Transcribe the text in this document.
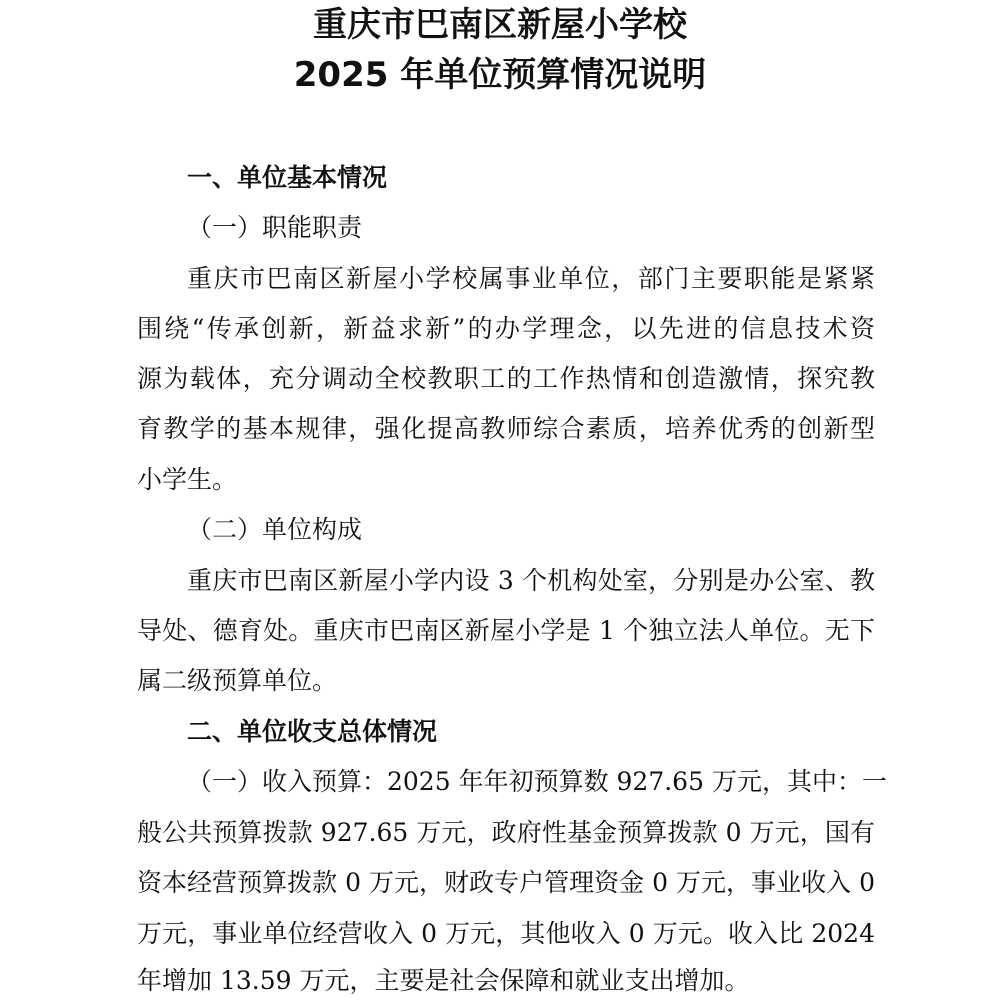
重庆市巴南区新屋小学校
2025 年单位预算情况说明

一、单位基本情况

（一）职能职责

重庆市巴南区新屋小学校属事业单位，部门主要职能是紧紧

围绕“传承创新，新益求新”的办学理念，以先进的信息技术资

源为载体，充分调动全校教职工的工作热情和创造激情，探究教

育教学的基本规律，强化提高教师综合素质，培养优秀的创新型

小学生。

（二）单位构成

重庆市巴南区新屋小学内设 3 个机构处室，分别是办公室、教

导处、德育处。重庆市巴南区新屋小学是 1 个独立法人单位。无下

属二级预算单位。

二、单位收支总体情况

（一）收入预算：2025 年年初预算数 927.65 万元，其中：一

般公共预算拨款 927.65 万元，政府性基金预算拨款 0 万元，国有

资本经营预算拨款 0 万元，财政专户管理资金 0 万元，事业收入 0

万元，事业单位经营收入 0 万元，其他收入 0 万元。收入比 2024

年增加 13.59 万元，主要是社会保障和就业支出增加。
